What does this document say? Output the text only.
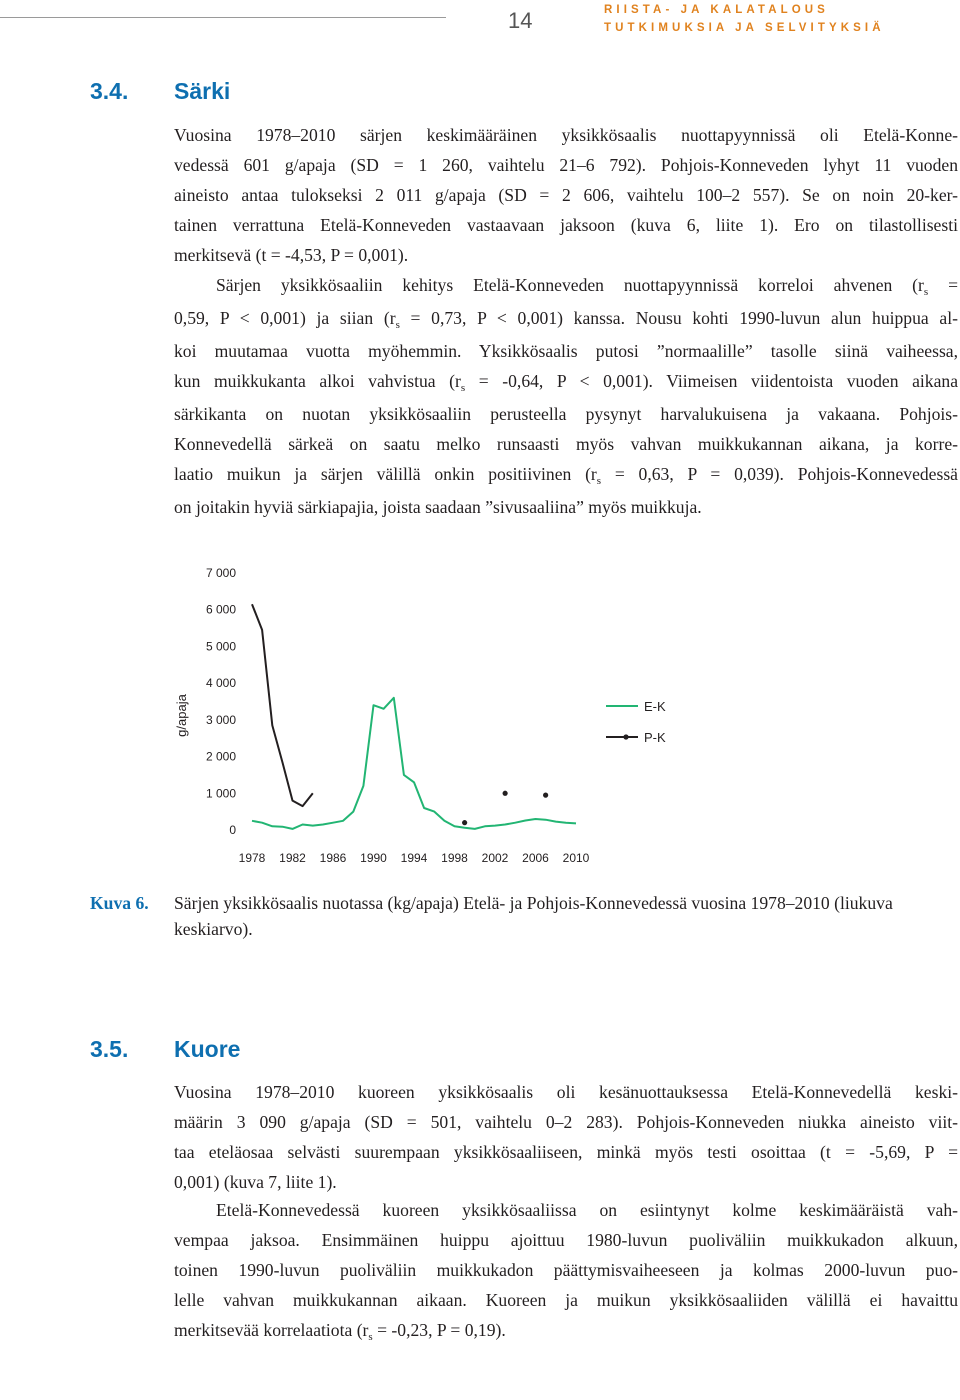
14	RIISTA- JA KALATALOUS
TUTKIMUKSIA JA SELVITYKSIÄ
3.4. Särki
Vuosina 1978–2010 särjen keskimääräinen yksikkösaalis nuottapyynnissä oli Etelä-Konne-
vedessä 601 g/apaja (SD = 1 260, vaihtelu 21–6 792). Pohjois-Konneveden lyhyt 11 vuoden
aineisto antaa tulokseksi 2 011 g/apaja (SD = 2 606, vaihtelu 100–2 557). Se on noin 20-ker-
tainen verrattuna Etelä-Konneveden vastaavaan jaksoon (kuva 6, liite 1). Ero on tilastollisesti
merkitsevä (t = -4,53, P = 0,001).
Särjen yksikkösaaliin kehitys Etelä-Konneveden nuottapyynnissä korreloi ahvenen ($r_s$ =
0,59, P < 0,001) ja siian ($r_s = 0,73$, P < 0,001) kanssa. Nousu kohti 1990-luvun alun huippua al-
koi muutamaa vuotta myöhemmin. Yksikkösaalis putosi ”normaalille” tasolle siinä vaiheessa,
kun muikkukanta alkoi vahvistua ($r_s = -0,64$, P < 0,001). Viimeisen viidentoista vuoden aikana
särkikanta on nuotan yksikkösaaliin perusteella pysynyt harvalukuisena ja vakaana. Pohjois-
Konnevedellä särkeä on saatu melko runsaasti myös vahvan muikkukannan aikana, ja korre-
laatio muikun ja särjen välillä onkin positiivinen ($r_s = 0,63$, P = 0,039). Pohjois-Konnevedessä
on joitakin hyviä särkiapajia, joista saadaan ”sivusaaliina” myös muikkuja.
0
1 000
2 000
3 000
4 000
5 000
6 000
7 000
1978 1982 1986 1990 1994 1998 2002 2006 2010
g/apaja	E-K
P-K
Kuva 6. Särjen yksikkösaalis nuotassa (kg/apaja) Etelä- ja Pohjois-Konnevedessä vuosina 1978–2010 (liukuva
keskiarvo).
3.5. Kuore
Vuosina 1978–2010 kuoreen yksikkösaalis oli kesänuottauksessa Etelä-Konnevedellä keski-
määrin 3 090 g/apaja (SD = 501, vaihtelu 0–2 283). Pohjois-Konneveden niukka aineisto viit-
taa eteläosaa selvästi suurempaan yksikkösaaliiseen, minkä myös testi osoittaa (t = -5,69, P =
0,001) (kuva 7, liite 1).
Etelä-Konnevedessä kuoreen yksikkösaaliissa on esiintynyt kolme keskimääräistä vah-
vempaa jaksoa. Ensimmäinen huippu ajoittuu 1980-luvun puoliväliin muikkukadon alkuun,
toinen 1990-luvun puoliväliin muikkukadon päättymisvaiheeseen ja kolmas 2000-luvun puo-
lelle vahvan muikkukannan aikaan. Kuoreen ja muikun yksikkösaaliiden välillä ei havaittu
merkitsevää korrelaatiota ($r_s = -0,23$, P = 0,19).
